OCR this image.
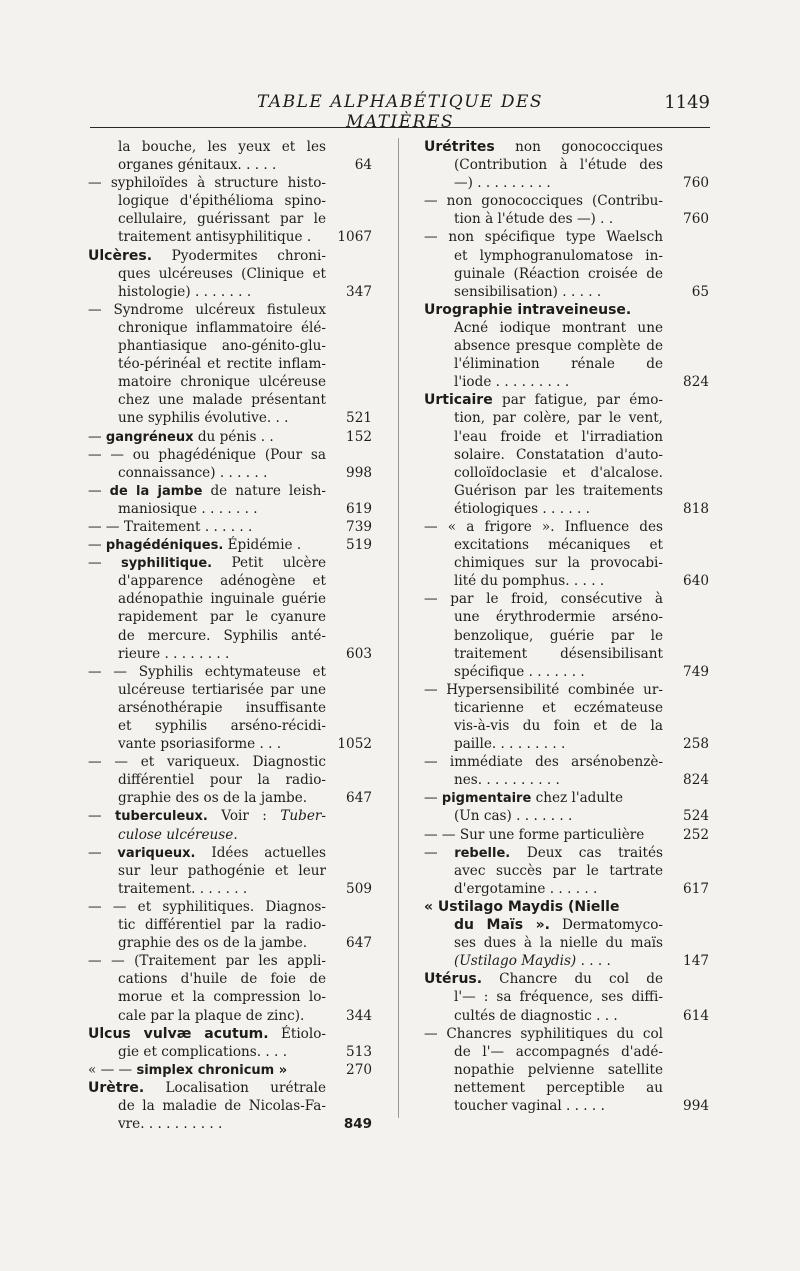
TABLE ALPHABÉTIQUE DES MATIÈRES
1149
la bouche, les yeux et les
organes génitaux. . . . .	64
— syphiloïdes à structure histo-
logique d'épithélioma spino-
cellulaire, guérissant par le
traitement antisyphilitique .	1067
Ulcères. Pyodermites chroni-
ques ulcéreuses (Clinique et
histologie) . . . . . . .	347
— Syndrome ulcéreux fistuleux
chronique inflammatoire élé-
phantiasique ano-génito-glu-
téo-périnéal et rectite inflam-
matoire chronique ulcéreuse
chez une malade présentant
une syphilis évolutive. . .	521
— gangréneux du pénis . .	152
— — ou phagédénique (Pour sa
connaissance) . . . . . .	998
— de la jambe de nature leish-
maniosique . . . . . . .	619
— — Traitement . . . . . .	739
— phagédéniques. Épidémie .	519
— syphilitique. Petit ulcère
d'apparence adénogène et
adénopathie inguinale guérie
rapidement par le cyanure
de mercure. Syphilis anté-
rieure . . . . . . . .	603
— — Syphilis echtymateuse et
ulcéreuse tertiarisée par une
arsénothérapie insuffisante
et syphilis arséno-récidi-
vante psoriasiforme . . .	1052
— — et variqueux. Diagnostic
différentiel pour la radio-
graphie des os de la jambe.	647
— tuberculeux. Voir : Tuber-
culose ulcéreuse.
— variqueux. Idées actuelles
sur leur pathogénie et leur
traitement. . . . . . .	509
— — et syphilitiques. Diagnos-
tic différentiel par la radio-
graphie des os de la jambe.	647
— — (Traitement par les appli-
cations d'huile de foie de
morue et la compression lo-
cale par la plaque de zinc).	344
Ulcus vulvæ acutum. Étiolo-
gie et complications. . . .	513
« — — simplex chronicum »	270
Urètre. Localisation urétrale
de la maladie de Nicolas-Fa-
vre. . . . . . . . . .	849
Urétrites non gonococciques
(Contribution à l'étude des
—) . . . . . . . . .	760
— non gonococciques (Contribu-
tion à l'étude des —) . .	760
— non spécifique type Waelsch
et lymphogranulomatose in-
guinale (Réaction croisée de
sensibilisation) . . . . .	65
Urographie intraveineuse.
Acné iodique montrant une
absence presque complète de
l'élimination rénale de
l'iode . . . . . . . . .	824
Urticaire par fatigue, par émo-
tion, par colère, par le vent,
l'eau froide et l'irradiation
solaire. Constatation d'auto-
colloïdoclasie et d'alcalose.
Guérison par les traitements
étiologiques . . . . . .	818
— « a frigore ». Influence des
excitations mécaniques et
chimiques sur la provocabi-
lité du pomphus. . . . .	640
— par le froid, consécutive à
une érythrodermie arséno-
benzolique, guérie par le
traitement désensibilisant
spécifique . . . . . . .	749
— Hypersensibilité combinée ur-
ticarienne et eczémateuse
vis-à-vis du foin et de la
paille. . . . . . . . .	258
— immédiate des arsénobenzè-
nes. . . . . . . . . .	824
— pigmentaire chez l'adulte
(Un cas) . . . . . . .	524
— — Sur une forme particulière	252
— rebelle. Deux cas traités
avec succès par le tartrate
d'ergotamine . . . . . .	617
« Ustilago Maydis (Nielle
du Maïs ». Dermatomyco-
ses dues à la nielle du maïs
(Ustilago Maydis) . . . .	147
Utérus. Chancre du col de
l'— : sa fréquence, ses diffi-
cultés de diagnostic . . .	614
— Chancres syphilitiques du col
de l'— accompagnés d'adé-
nopathie pelvienne satellite
nettement perceptible au
toucher vaginal . . . . .	994
